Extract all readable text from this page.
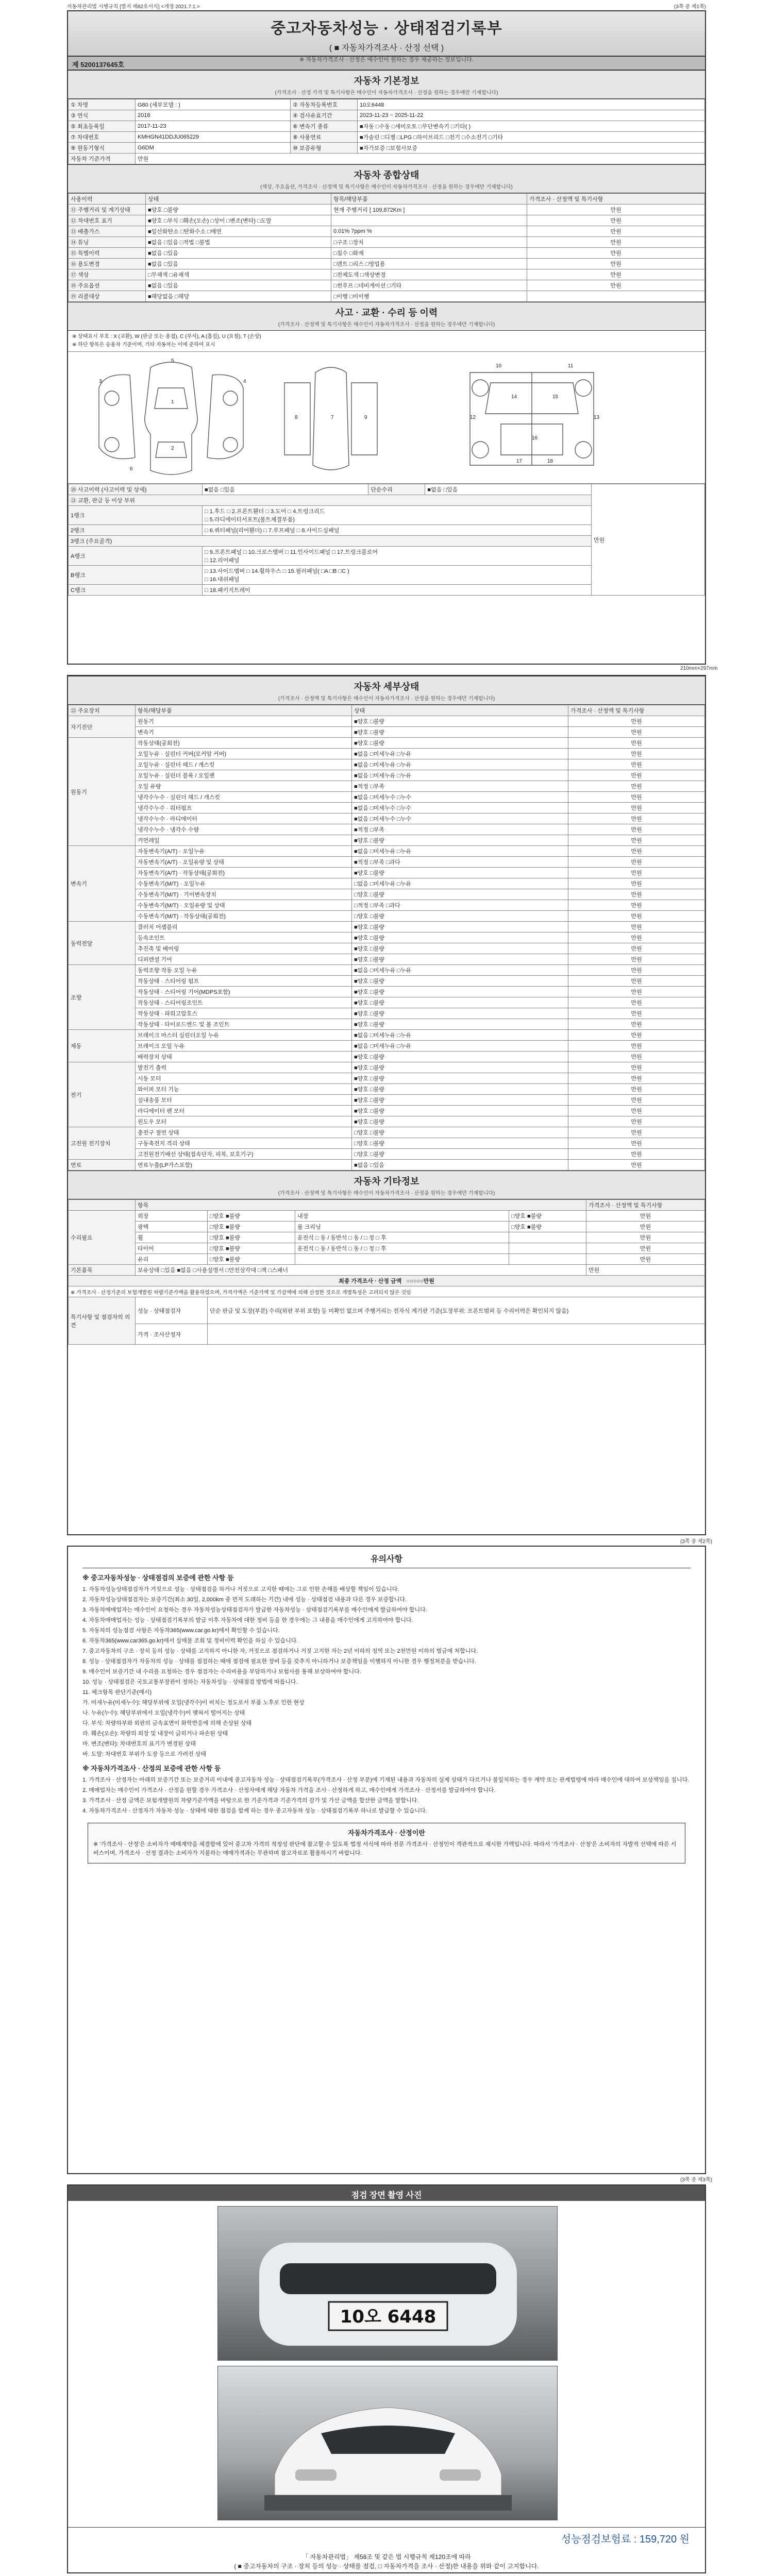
자동차관리법 시행규칙 [별지 제82호서식] <개정 2021.7.1.>	(3쪽 중 제1쪽)
중고자동차성능 · 상태점검기록부
( ■ 자동차가격조사 · 산정 선택 )
※ 자동차가격조사 · 산정은 매수인이 원하는 경우 제공하는 정보입니다.
제 5200137645호
자동차 기본정보
(가격조사 · 산정 가격 및 특기사항은 매수인이 자동차가격조사 · 산정을 원하는 경우에만 기재합니다)
① 차명	G80 (세부모델 : )	② 자동차등록번호	10오6448
③ 연식	2018	④ 검사유효기간	2023-11-23 ~ 2025-11-22
⑤ 최초등록일	2017-11-23	⑥ 변속기 종류	■자동 □수동 □세미오토 □무단변속기 □기타( )
⑦ 차대번호	KMHGN41DDJU065229	⑧ 사용연료	■가솔린 □디젤 □LPG □하이브리드 □전기 □수소전기 □기타
⑨ 원동기형식	G6DM	⑩ 보증유형	■자가보증 □보험사보증
자동차 기준가격	만원		
자동차 종합상태
(색상, 주요옵션, 가격조사 · 산정액 및 특기사항은 매수인이 자동차가격조사 · 산정을 원하는 경우에만 기재합니다)
사용이력	상태	항목/해당부품	가격조사 · 산정액 및 특기사항
⑪ 주행거리 및 계기상태	■양호 □불량	현재 주행거리 [ 109,872Km ]	만원
⑫ 차대번호 표기	■양호 □부식 □훼손(오손) □상이 □변조(변타) □도말		만원
⑬ 배출가스	■일산화탄소 □탄화수소 □매연	0.01% 7ppm %	만원
⑭ 튜닝	■없음 □있음 □적법 □불법	□구조 □장치	만원
⑮ 특별이력	■없음 □있음	□침수 □화재	만원
⑯ 용도변경	■없음 □있음	□렌트 □리스 □영업용	만원
⑰ 색상	□무채색 □유채색	□전체도색 □색상변경	만원
⑱ 주요옵션	■없음 □있음	□썬루프 □네비게이션 □기타	만원
⑲ 리콜대상	■해당없음 □해당	□이행 □미이행	
사고 · 교환 · 수리 등 이력
(가격조사 · 산정액 및 특기사항은 매수인이 자동차가격조사 · 산정을 원하는 경우에만 기재합니다)
※ 상태표시 부호 : X (교환), W (판금 또는 용접), C (부식), A (흠집), U (요철), T (손상)
※ 하단 항목은 승용차 기준이며, 기타 자동차는 이에 준하여 표시
1
2
3	4
5
6
7
8	9
10	11
12	13
14	15
16
17	18
⑳ 사고이력 (사고이력 및 상세)	■없음 □있음	단순수리	■없음 □있음	만원
㉑ 교환, 판금 등 이상 부위				
1랭크	□ 1.후드 □ 2.프론트휀더 □ 3.도어 □ 4.트렁크리드
□ 5.라디에이터서포트(볼트체결부품)			
2랭크	□ 6.쿼터패널(리어휀더) □ 7.루프패널 □ 8.사이드실패널			
3랭크 (주요골격)				
A랭크	□ 9.프론트패널 □ 10.크로스멤버 □ 11.인사이드패널 □ 17.트렁크플로어
□ 12.리어패널			
B랭크	□ 13.사이드멤버 □ 14.휠하우스 □ 15.필러패널( □A □B □C )
□ 16.대쉬패널			
C랭크	□ 18.패키지트레이			
210mm×297mm
자동차 세부상태
(가격조사 · 산정액 및 특기사항은 매수인이 자동차가격조사 · 산정을 원하는 경우에만 기재합니다)
㉒ 주요장치	항목/해당부품	상태	가격조사 · 산정액 및 특기사항
자기진단	원동기	■양호 □불량	만원
	변속기	■양호 □불량	만원
원동기	작동상태(공회전)	■양호 □불량	만원
	오일누유 · 실린더 커버(로커암 커버)	■없음 □미세누유 □누유	만원
	오일누유 · 실린더 헤드 / 개스킷	■없음 □미세누유 □누유	만원
	오일누유 · 실린더 블록 / 오일팬	■없음 □미세누유 □누유	만원
	오일 유량	■적정 □부족	만원
	냉각수누수 · 실린더 헤드 / 개스킷	■없음 □미세누수 □누수	만원
	냉각수누수 · 워터펌프	■없음 □미세누수 □누수	만원
	냉각수누수 · 라디에이터	■없음 □미세누수 □누수	만원
	냉각수누수 · 냉각수 수량	■적정 □부족	만원
	커먼레일	■양호 □불량	만원
변속기	자동변속기(A/T) · 오일누유	■없음 □미세누유 □누유	만원
	자동변속기(A/T) · 오일유량 및 상태	■적정 □부족 □과다	만원
	자동변속기(A/T) · 작동상태(공회전)	■양호 □불량	만원
	수동변속기(M/T) · 오일누유	□없음 □미세누유 □누유	만원
	수동변속기(M/T) · 기어변속장치	□양호 □불량	만원
	수동변속기(M/T) · 오일유량 및 상태	□적정 □부족 □과다	만원
	수동변속기(M/T) · 작동상태(공회전)	□양호 □불량	만원
동력전달	클러치 어셈블리	■양호 □불량	만원
	등속조인트	■양호 □불량	만원
	추진축 및 베어링	■양호 □불량	만원
	디퍼렌셜 기어	■양호 □불량	만원
조향	동력조향 작동 오일 누유	■없음 □미세누유 □누유	만원
	작동상태 · 스티어링 펌프	■양호 □불량	만원
	작동상태 · 스티어링 기어(MDPS포함)	■양호 □불량	만원
	작동상태 · 스티어링조인트	■양호 □불량	만원
	작동상태 · 파워고압호스	■양호 □불량	만원
	작동상태 · 타이로드엔드 및 볼 조인트	■양호 □불량	만원
제동	브레이크 마스터 실린더오일 누유	■없음 □미세누유 □누유	만원
	브레이크 오일 누유	■없음 □미세누유 □누유	만원
	배력장치 상태	■양호 □불량	만원
전기	발전기 출력	■양호 □불량	만원
	시동 모터	■양호 □불량	만원
	와이퍼 모터 기능	■양호 □불량	만원
	실내송풍 모터	■양호 □불량	만원
	라디에이터 팬 모터	■양호 □불량	만원
	윈도우 모터	■양호 □불량	만원
고전원 전기장치	충전구 절연 상태	□양호 □불량	만원
	구동축전지 격리 상태	□양호 □불량	만원
	고전원전기배선 상태(접속단자, 피복, 보호기구)	□양호 □불량	만원
연료	연료누출(LP가스포함)	■없음 □있음	만원
자동차 기타정보
(가격조사 · 산정액 및 특기사항은 매수인이 자동차가격조사 · 산정을 원하는 경우에만 기재합니다)
	항목				가격조사 · 산정액 및 특기사항
수리필요	외장	□양호 ■불량	내장	□양호 ■불량	만원
	광택	□양호 ■불량	룸 크리닝	□양호 ■불량	만원
	휠	□양호 ■불량	운전석 □ 동 / 동반석 □ 동 / □ 정 □ 후		만원
	타이어	□양호 ■불량	운전석 □ 동 / 동반석 □ 동 / □ 정 □ 후		만원
	유리	□양호 ■불량			만원
기본품목	보유상태 □있음 ■없음 □사용설명서 □안전삼각대 □잭 □스패너				만원
최종 가격조사 · 산정 금액 ○○○○○만원					
※ 가격조사 · 산정기준의 보험개발원 차량기준가액을 활용하였으며, 가격가액은 기준가액 및 가감액에 의해 산정한 것으로 개별특성은 고려되지 않은 것임					
특기사항 및 점검자의 의견	성능 · 상태점검자	단순 판금 및 도장(부분) 수리(외판 부위 포함) 등 미확인 없으며 주행거리는 전자식 계기판 기준(도장부위: 프론트범퍼 등 수리이력은 확인되지 않음)			
	가격 · 조사산정자				
(3쪽 중 제2쪽)
유의사항
※ 중고자동차성능 · 상태점검의 보증에 관한 사항 등

1. 자동차성능상태점검자가 거짓으로 성능 · 상태점검을 하거나 거짓으로 고지한 때에는 그로 인한 손해를 배상할 책임이 있습니다.

2. 자동차성능상태점검자는 보증기간(최소 30일, 2,000km 중 먼저 도래하는 기간) 내에 성능 · 상태점검 내용과 다른 경우 보증합니다.

3. 자동차매매업자는 매수인이 요청하는 경우 자동차성능상태점검자가 발급한 자동차성능 · 상태점검기록부를 매수인에게 발급하여야 합니다.

4. 자동차매매업자는 성능 · 상태점검기록부의 발급 이후 자동차에 대한 정비 등을 한 경우에는 그 내용을 매수인에게 고지하여야 합니다.

5. 자동차의 성능점검 사항은 자동차365(www.car.go.kr)에서 확인할 수 있습니다.

6. 자동차365(www.car365.go.kr)에서 실매물 조회 및 정비이력 확인을 하실 수 있습니다.

7. 중고자동차의 구조 · 장치 등의 성능 · 상태를 고지하지 아니한 자, 거짓으로 점검하거나 거짓 고지한 자는 2년 이하의 징역 또는 2천만원 이하의 벌금에 처합니다.

8. 성능 · 상태점검자가 자동차의 성능 · 상태를 점검하는 때에 점검에 필요한 장비 등을 갖추지 아니하거나 보증책임을 이행하지 아니한 경우 행정처분을 받습니다.

9. 매수인이 보증기간 내 수리를 요청하는 경우 점검자는 수리비용을 부담하거나 보험사를 통해 보상하여야 합니다.

10. 성능 · 상태점검은 국토교통부장관이 정하는 자동차성능 · 상태점검 방법에 따릅니다.

11. 체크항목 판단기준(예시)

가. 미세누유(미세누수): 해당부위에 오일(냉각수)이 비치는 정도로서 부품 노후로 인한 현상

나. 누유(누수): 해당부위에서 오일(냉각수)이 맺혀서 떨어지는 상태

다. 부식: 차량하부와 외판의 금속표면이 화학반응에 의해 손상된 상태

라. 훼손(오손): 차량의 외장 및 내장이 긁히거나 파손된 상태

마. 변조(변타): 차대번호의 표기가 변경된 상태

바. 도말: 차대번호 부위가 도장 등으로 가려진 상태

※ 자동차가격조사 · 산정의 보증에 관한 사항 등

1. 가격조사 · 산정자는 아래의 보증기간 또는 보증거리 이내에 중고자동차 성능 · 상태점검기록부(가격조사 · 산정 부분)에 기재된 내용과 자동차의 실제 상태가 다르거나 불일치하는 경우 계약 또는 관계법령에 따라 매수인에 대하여 보상책임을 집니다.

2. 매매업자는 매수인이 가격조사 · 산정을 원할 경우 가격조사 · 산정자에게 해당 자동차 가격을 조사 · 산정하게 하고, 매수인에게 가격조사 · 산정서를 발급하여야 합니다.

3. 가격조사 · 산정 금액은 보험개발원의 차량기준가액을 바탕으로 한 기준가격과 기준가격의 감가 및 가산 금액을 합산한 금액을 말합니다.

4. 자동차가격조사 · 산정자가 자동차 성능 · 상태에 대한 점검을 함께 하는 경우 중고자동차 성능 · 상태점검기록부 하나로 발급할 수 있습니다.

자동차가격조사 · 산정이란
※ '가격조사 · 산정'은 소비자가 매매계약을 체결함에 있어 중고차 가격의 적정성 판단에 참고할 수 있도록 법정 서식에 따라 전문 가격조사 · 산정인이 객관적으로 제시한 가액입니다. 따라서 '가격조사 · 산정'은 소비자의 자발적 선택에 따른 서비스이며, 가격조사 · 산정 결과는 소비자가 지불하는 매매가격과는 무관하며 참고자료로 활용하시기 바랍니다.
(3쪽 중 제3쪽)
점검 장면 촬영 사진
10오 6448
성능점검보험료 : 159,720 원
「 자동차관리법」 제58조 및 같은 법 시행규칙 제120조에 따라
( ■ 중고자동차의 구조 · 장치 등의 성능 · 상태를 점검, □ 자동차가격을 조사 · 산정)한 내용을 위와 같이 고지합니다.
